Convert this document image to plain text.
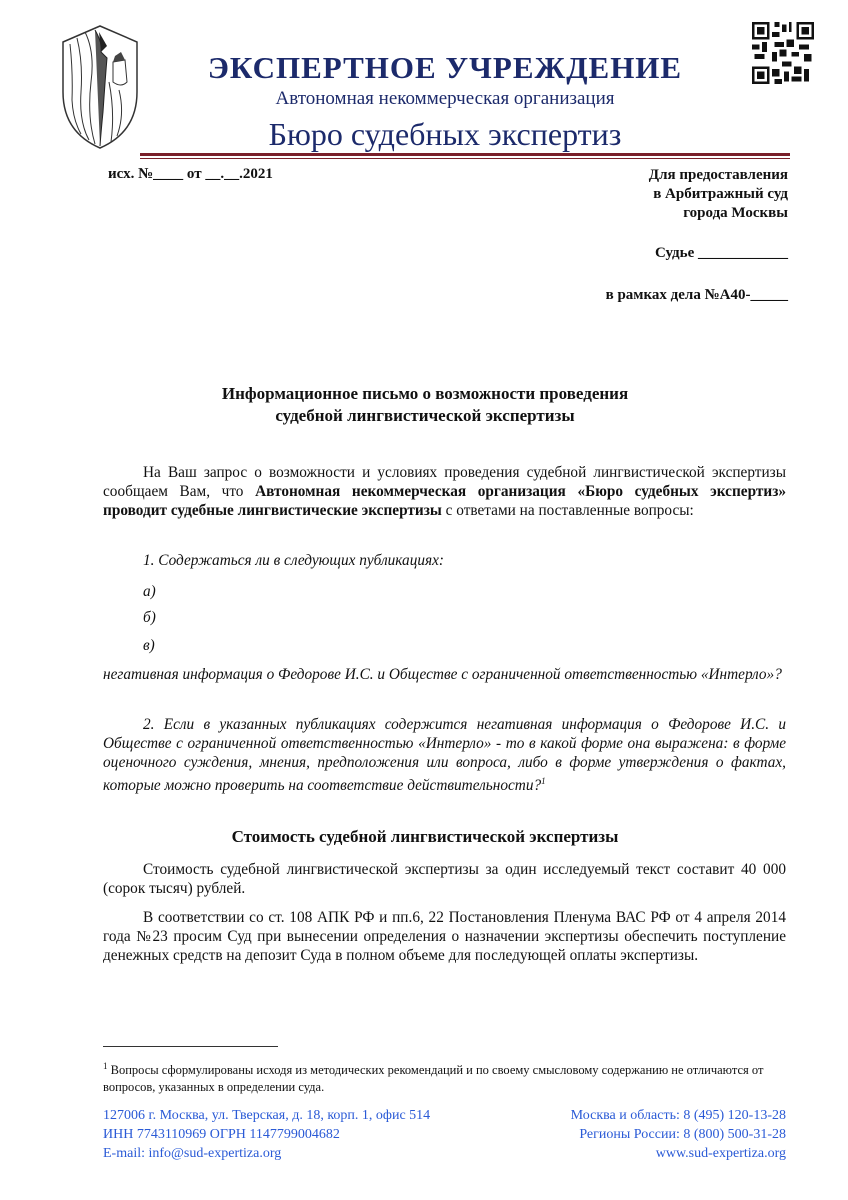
ЭКСПЕРТНОЕ УЧРЕЖДЕНИЕ
Автономная некоммерческая организация
Бюро судебных экспертиз
исх. №____ от __.__.2021	Для предоставления
в Арбитражный суд
города Москвы
Судье ____________
в рамках дела №А40-_____
Информационное письмо о возможности проведения
судебной лингвистической экспертизы
На Ваш запрос о возможности и условиях проведения судебной лингвистической экспертизы сообщаем Вам, что Автономная некоммерческая организация «Бюро судебных экспертиз» проводит судебные лингвистические экспертизы с ответами на поставленные вопросы:
1. Содержаться ли в следующих публикациях:
а)
б)
в)
негативная информация о Федорове И.С. и Обществе с ограниченной ответственностью «Интерло»?
2. Если в указанных публикациях содержится негативная информация о Федорове И.С. и Обществе с ограниченной ответственностью «Интерло» - то в какой форме она выражена: в форме оценочного суждения, мнения, предположения или вопроса, либо в форме утверждения о фактах, которые можно проверить на соответствие действительности?$^1$
Стоимость судебной лингвистической экспертизы
Стоимость судебной лингвистической экспертизы за один исследуемый текст составит 40 000 (сорок тысяч) рублей.
В соответствии со ст. 108 АПК РФ и пп.6, 22 Постановления Пленума ВАС РФ от 4 апреля 2014 года №23 просим Суд при вынесении определения о назначении экспертизы обеспечить поступление денежных средств на депозит Суда в полном объеме для последующей оплаты экспертизы.
$^1$ Вопросы сформулированы исходя из методических рекомендаций и по своему смысловому содержанию не отличаются от вопросов, указанных в определении суда.
127006 г. Москва, ул. Тверская, д. 18, корп. 1, офис 514
ИНН 7743110969 ОГРН 1147799004682
E-mail: info@sud-expertiza.org
Москва и область: 8 (495) 120-13-28
Регионы России: 8 (800) 500-31-28
www.sud-expertiza.org
